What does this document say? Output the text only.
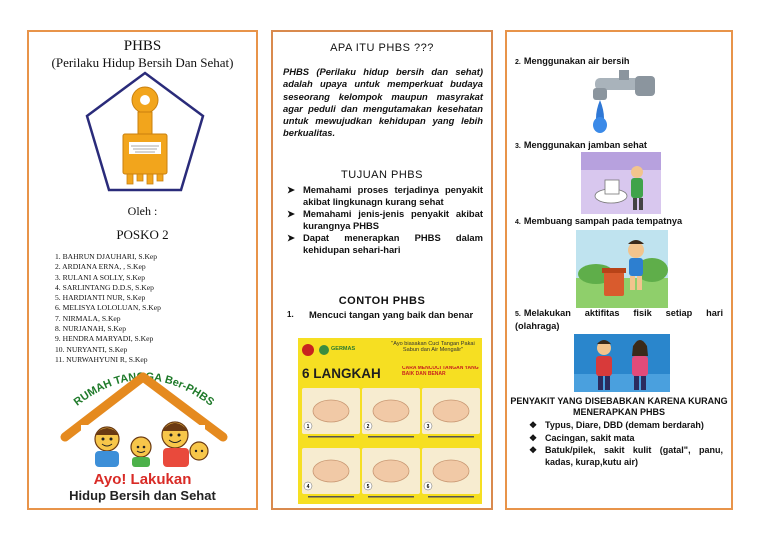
PHBS
(Perilaku Hidup Bersih Dan Sehat)
Oleh :
POSKO 2
1. BAHRUN DJAUHARI, S.Kep
2. ARDIANA ERNA, , S.Kep
3. RULANI A SOLLY, S.Kep
4. SARLINTANG D.D.S, S.Kep
5. HARDIANTI NUR, S.Kep
6. MELISYA LOLOLUAN, S.Kep
7. NIRMALA, S.Kep
8. NURJANAH, S.Kep
9. HENDRA MARYADI, S.Kep
10. NURYANTI, S.Kep
11. NURWAHYUNI R, S.Kep
RUMAH TANGGA Ber-PHBS
Ayo! Lakukan
Hidup Bersih dan Sehat
APA ITU PHBS ???
PHBS (Perilaku hidup bersih dan sehat) adalah upaya untuk memperkuat budaya seseorang kelompok maupun masyrakat agar peduli dan mengutamakan kesehatan untuk mewujudkan kehidupan yang lebih berkualitas.
TUJUAN PHBS
➤ Memahami proses terjadinya penyakit akibat lingkunagn kurang sehat
➤ Memahami jenis-jenis penyakit akibat kurangnya PHBS
➤ Dapat menerapkan PHBS dalam kehidupan sehari-hari
CONTOH PHBS
1. Mencuci tangan yang baik dan benar
GERMAS
"Ayo biasakan Cuci Tangan Pakai Sabun dan Air Mengalir"
6 LANGKAH	CARA MENCUCI TANGAN YANG BAIK DAN BENAR
1	2	3
4	5	6
2. Menggunakan air bersih
3. Menggunakan jamban sehat
4. Membuang sampah pada tempatnya
5. Melakukan aktifitas fisik setiap hari (olahraga)
PENYAKIT YANG DISEBABKAN KARENA KURANG MENERAPKAN PHBS
❖ Typus, Diare, DBD (demam berdarah)
❖ Cacingan, sakit mata
❖ Batuk/pilek, sakit kulit (gatal", panu, kadas, kurap,kutu air)
